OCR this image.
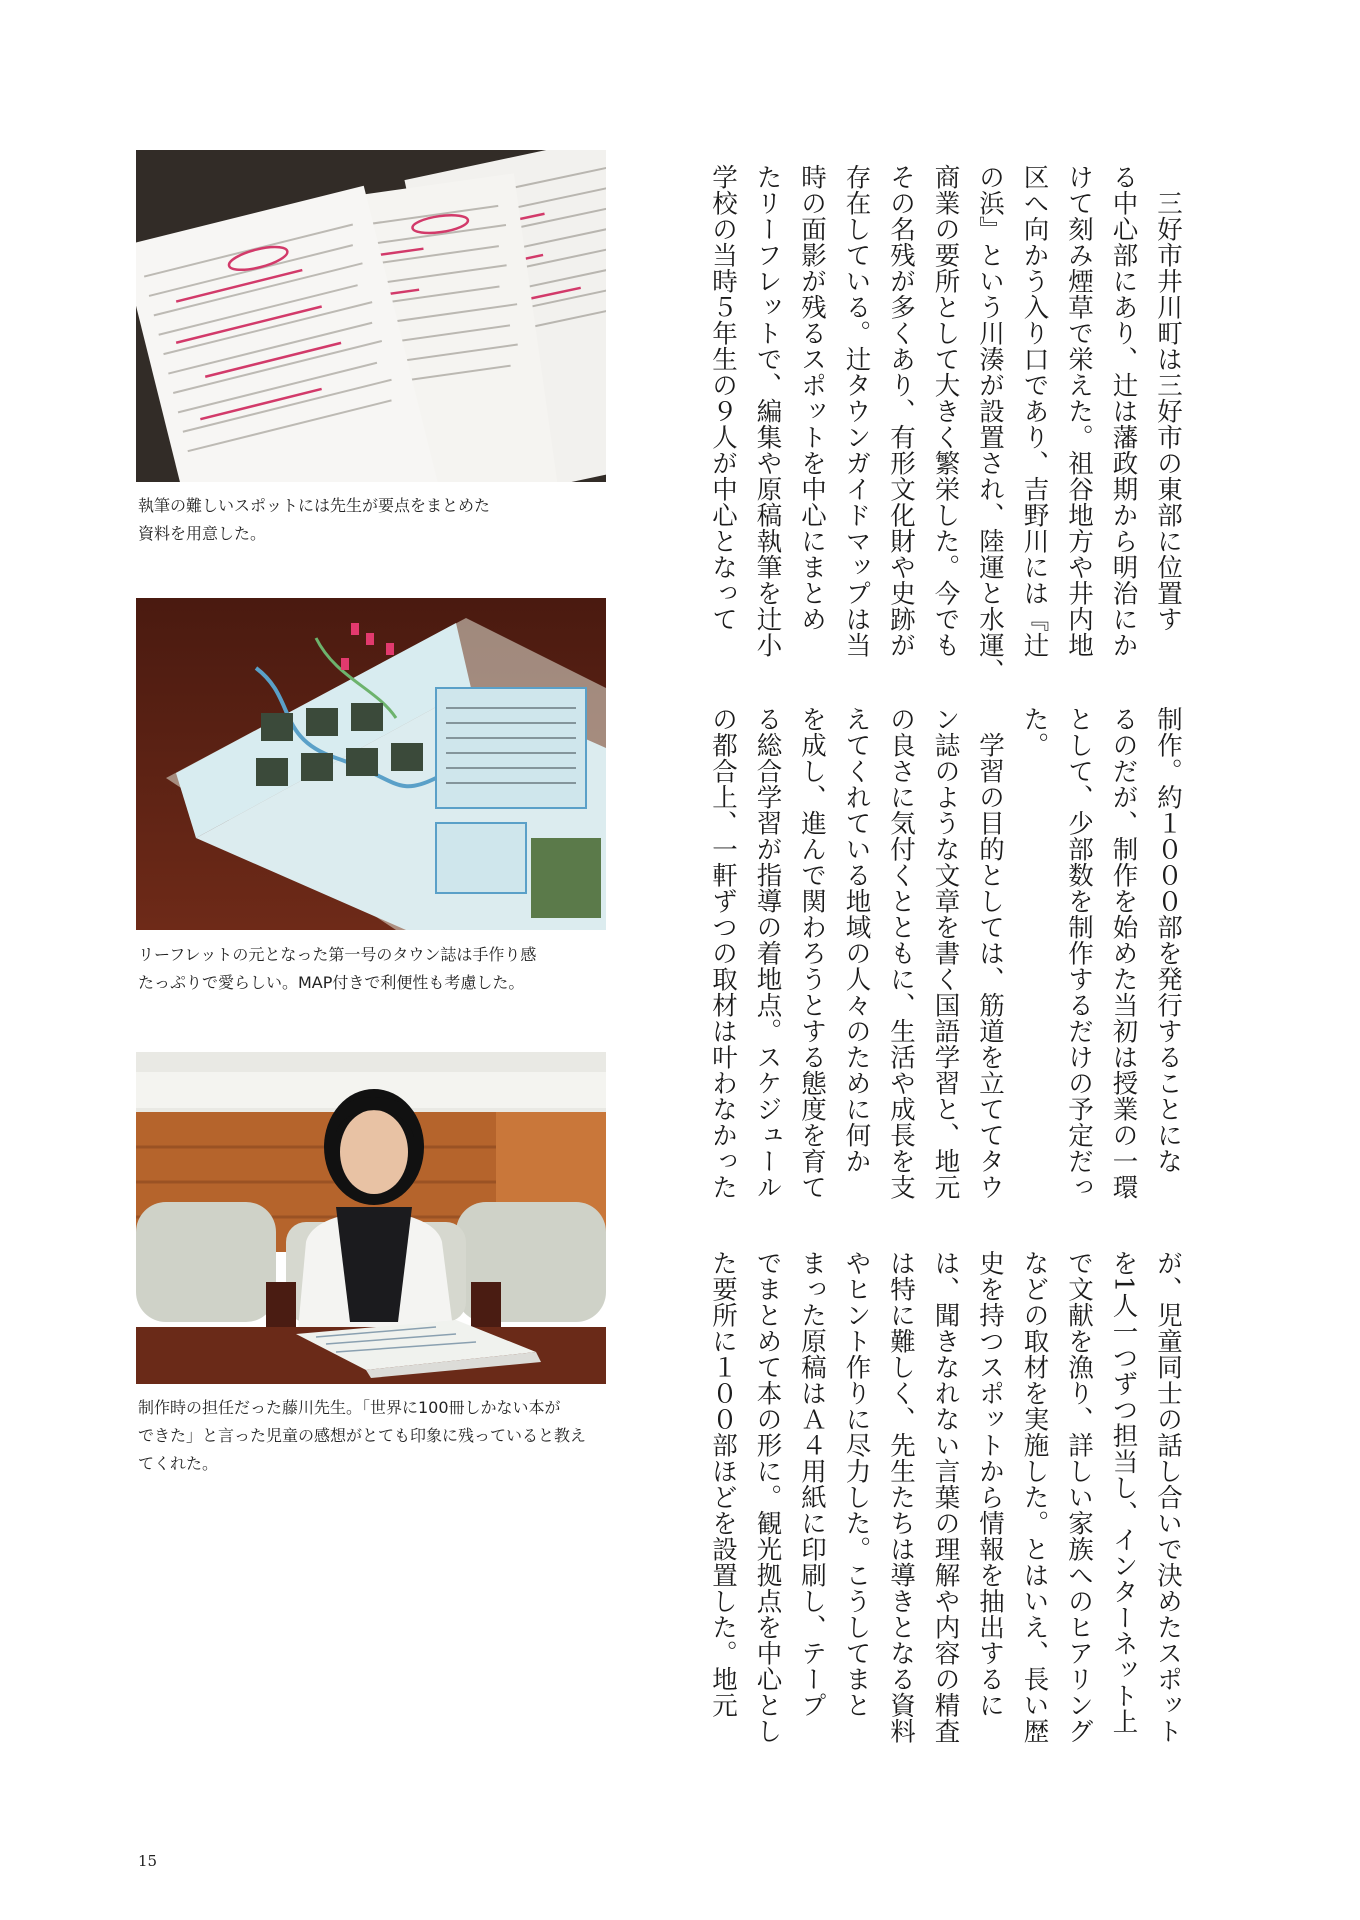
執筆の難しいスポットには先生が要点をまとめた
資料を用意した。
リーフレットの元となった第一号のタウン誌は手作り感
たっぷりで愛らしい。MAP付きで利便性も考慮した。
制作時の担任だった藤川先生。「世界に100冊しかない本が
できた」と言った児童の感想がとても印象に残っていると教え
てくれた。
　三好市井川町は三好市の東部に位置す
る中心部にあり、辻は藩政期から明治にか
けて刻み煙草で栄えた。祖谷地方や井内地
区へ向かう入り口であり、吉野川には『辻
の浜』という川湊が設置され、陸運と水運、
商業の要所として大きく繁栄した。今でも
その名残が多くあり、有形文化財や史跡が
存在している。辻タウンガイドマップは当
時の面影が残るスポットを中心にまとめ
たリーフレットで、編集や原稿執筆を辻小
学校の当時５年生の９人が中心となって
制作。約１０００部を発行することにな
るのだが、制作を始めた当初は授業の一環
として、少部数を制作するだけの予定だっ
た。
　学習の目的としては、筋道を立ててタウ
ン誌のような文章を書く国語学習と、地元
の良さに気付くとともに、生活や成長を支
えてくれている地域の人々のために何か
を成し、進んで関わろうとする態度を育て
る総合学習が指導の着地点。スケジュール
の都合上、一軒ずつの取材は叶わなかった
が、児童同士の話し合いで決めたスポット
を1人一つずつ担当し、インターネット上
で文献を漁り、詳しい家族へのヒアリング
などの取材を実施した。とはいえ、長い歴
史を持つスポットから情報を抽出するに
は、聞きなれない言葉の理解や内容の精査
は特に難しく、先生たちは導きとなる資料
やヒント作りに尽力した。こうしてまと
まった原稿はＡ４用紙に印刷し、テープ
でまとめて本の形に。観光拠点を中心とし
た要所に１００部ほどを設置した。地元
15
